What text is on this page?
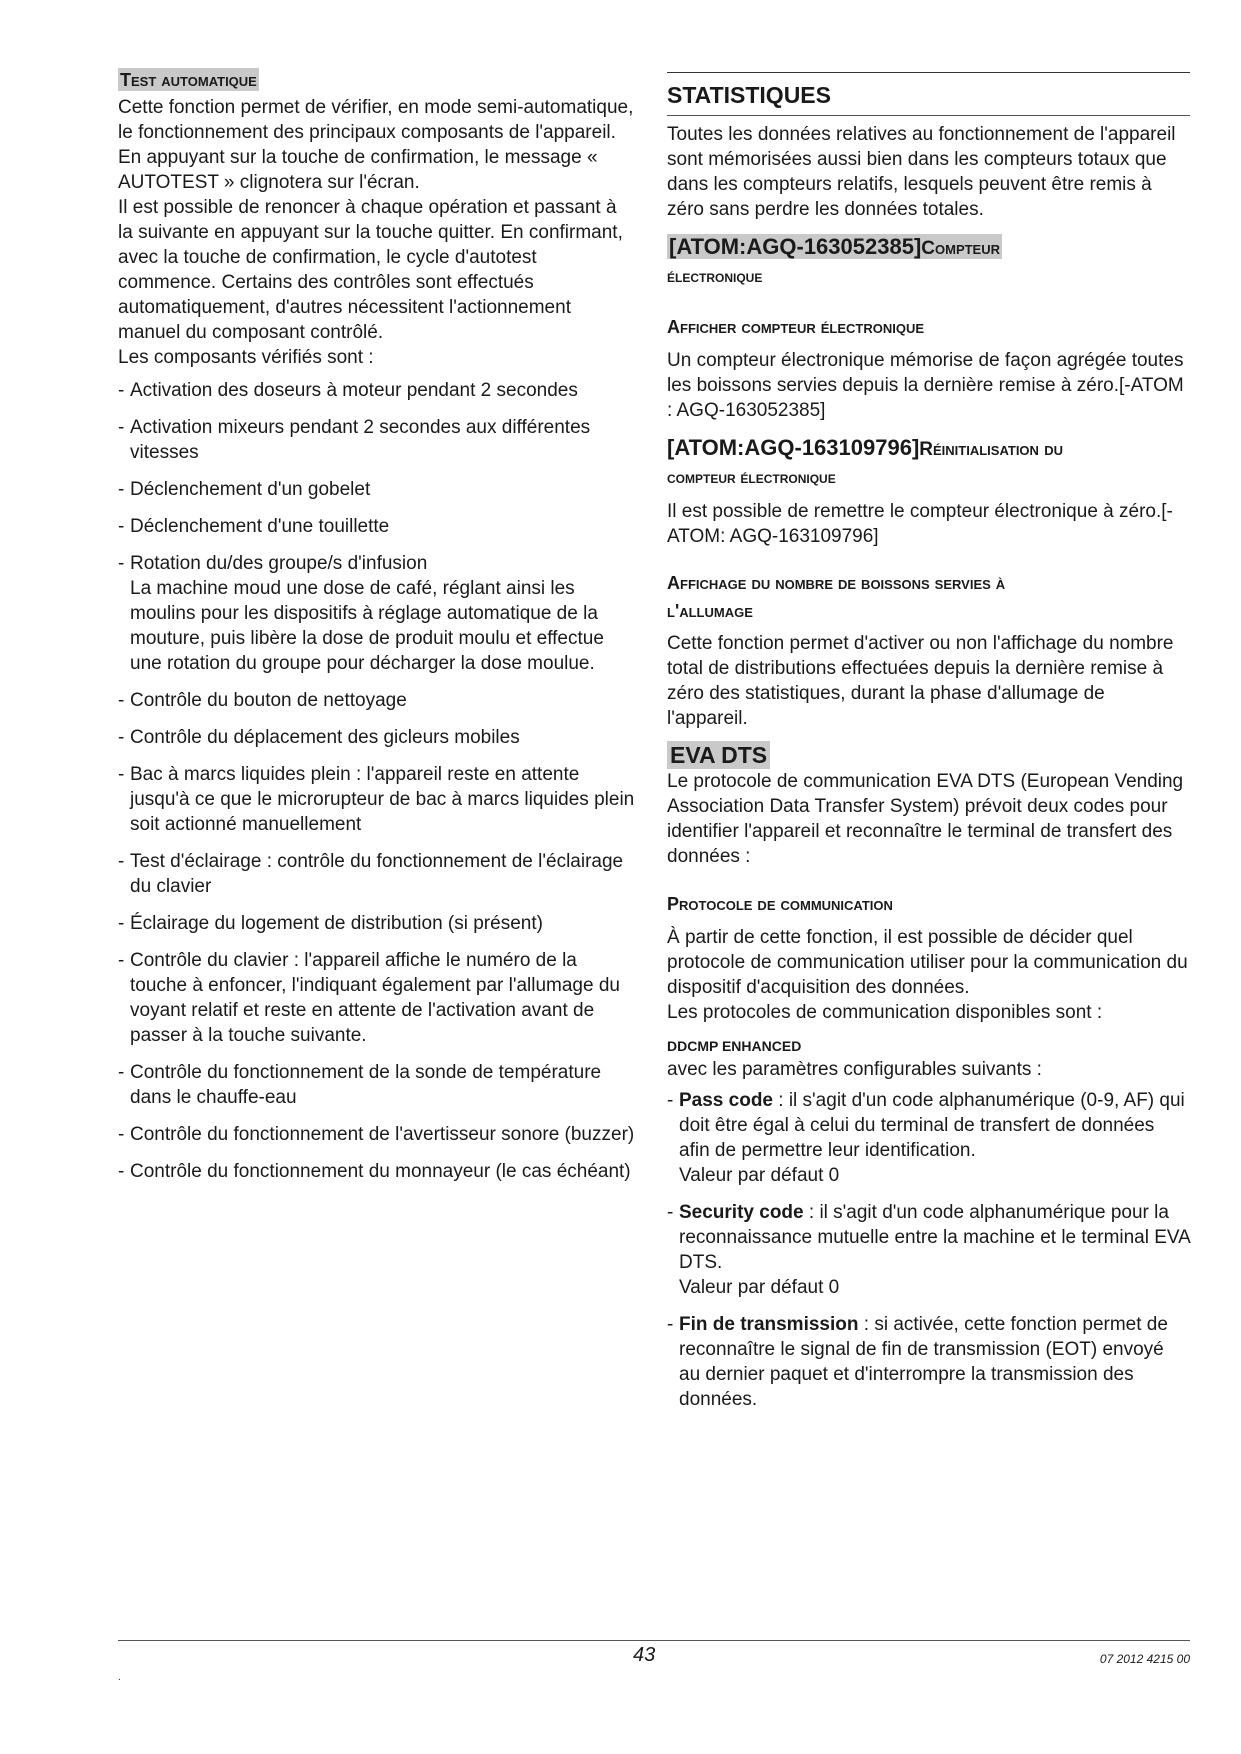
Test automatique

Cette fonction permet de vérifier, en mode semi-automatique, le fonctionnement des principaux composants de l'appareil. En appuyant sur la touche de confirmation, le message « AUTOTEST » clignotera sur l'écran.

Il est possible de renoncer à chaque opération et passant à la suivante en appuyant sur la touche quitter. En confirmant, avec la touche de confirmation, le cycle d'autotest commence. Certains des contrôles sont effectués automatiquement, d'autres nécessitent l'actionnement manuel du composant contrôlé.

Les composants vérifiés sont :

- Activation des doseurs à moteur pendant 2 secondes
- Activation mixeurs pendant 2 secondes aux différentes vitesses
- Déclenchement d'un gobelet
- Déclenchement d'une touillette
- Rotation du/des groupe/s d'infusion
La machine moud une dose de café, réglant ainsi les moulins pour les dispositifs à réglage automatique de la mouture, puis libère la dose de produit moulu et effectue une rotation du groupe pour décharger la dose moulue.
- Contrôle du bouton de nettoyage
- Contrôle du déplacement des gicleurs mobiles
- Bac à marcs liquides plein : l'appareil reste en attente jusqu'à ce que le microrupteur de bac à marcs liquides plein soit actionné manuellement
- Test d'éclairage : contrôle du fonctionnement de l'éclairage du clavier
- Éclairage du logement de distribution (si présent)
- Contrôle du clavier : l'appareil affiche le numéro de la touche à enfoncer, l'indiquant également par l'allumage du voyant relatif et reste en attente de l'activation avant de passer à la touche suivante.
- Contrôle du fonctionnement de la sonde de température dans le chauffe-eau
- Contrôle du fonctionnement de l'avertisseur sonore (buzzer)
- Contrôle du fonctionnement du monnayeur (le cas échéant)
STATISTIQUES

Toutes les données relatives au fonctionnement de l'appareil sont mémorisées aussi bien dans les compteurs totaux que dans les compteurs relatifs, lesquels peuvent être remis à zéro sans perdre les données totales.

[ATOM:AGQ-163052385]Compteur
électronique
Afficher compteur électronique

Un compteur électronique mémorise de façon agrégée toutes les boissons servies depuis la dernière remise à zéro.[-ATOM : AGQ-163052385]

[ATOM:AGQ-163109796]Réinitialisation du
compteur électronique

Il est possible de remettre le compteur électronique à zéro.[-ATOM: AGQ-163109796]

Affichage du nombre de boissons servies à
l'allumage

Cette fonction permet d'activer ou non l'affichage du nombre total de distributions effectuées depuis la dernière remise à zéro des statistiques, durant la phase d'allumage de l'appareil.

EVA DTS

Le protocole de communication EVA DTS (European Vending Association Data Transfer System) prévoit deux codes pour identifier l'appareil et reconnaître le terminal de transfert des données :

Protocole de communication

À partir de cette fonction, il est possible de décider quel protocole de communication utiliser pour la communication du dispositif d'acquisition des données.

Les protocoles de communication disponibles sont :

DDCMP ENHANCED

avec les paramètres configurables suivants :

- Pass code : il s'agit d'un code alphanumérique (0-9, AF) qui doit être égal à celui du terminal de transfert de données afin de permettre leur identification.
Valeur par défaut 0
- Security code : il s'agit d'un code alphanumérique pour la reconnaissance mutuelle entre la machine et le terminal EVA DTS.
Valeur par défaut 0
- Fin de transmission : si activée, cette fonction permet de reconnaître le signal de fin de transmission (EOT) envoyé au dernier paquet et d'interrompre la transmission des données.
43	07 2012 4215 00
.
